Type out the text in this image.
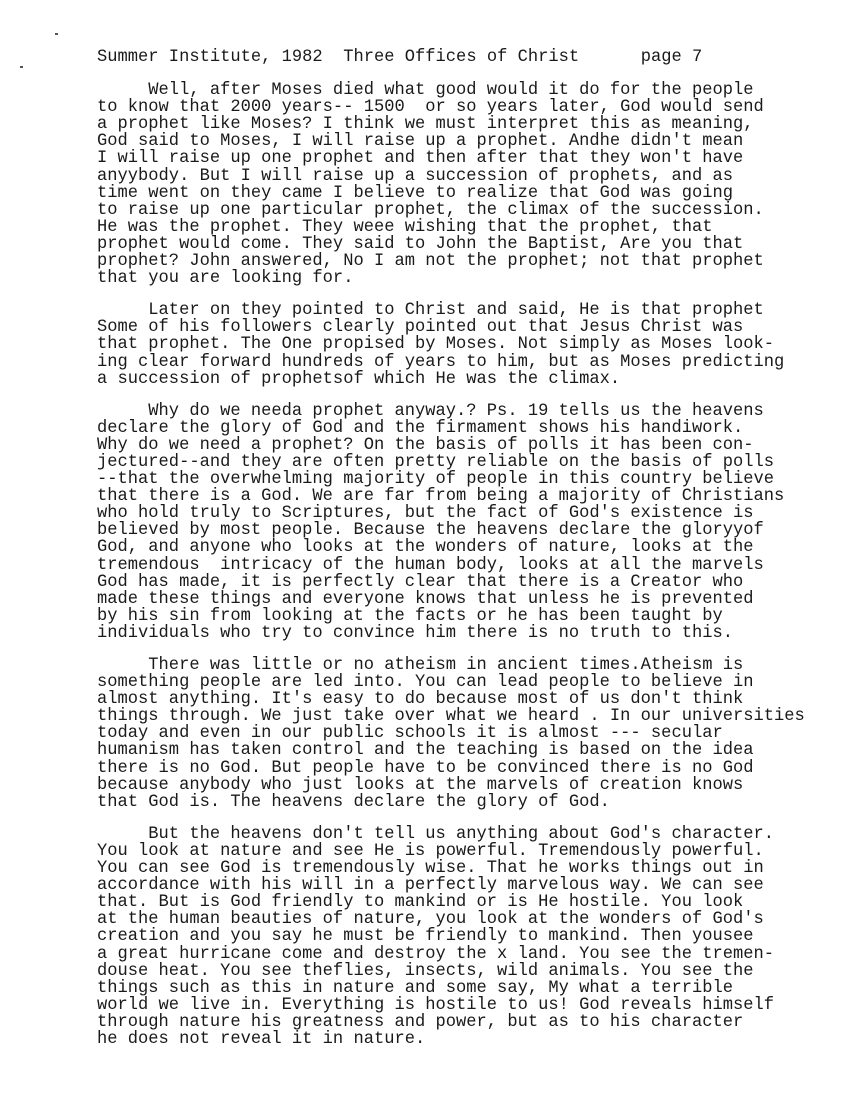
Summer Institute, 1982 Three Offices of Christ	page 7
Well, after Moses died what good would it do for the people
to know that 2000 years-- 1500  or so years later, God would send
a prophet like Moses? I think we must interpret this as meaning,
God said to Moses, I will raise up a prophet. Andhe didn't mean
I will raise up one prophet and then after that they won't have
anyybody. But I will raise up a succession of prophets, and as
time went on they came I believe to realize that God was going
to raise up one particular prophet, the climax of the succession.
He was the prophet. They weee wishing that the prophet, that
prophet would come. They said to John the Baptist, Are you that
prophet? John answered, No I am not the prophet; not that prophet
that you are looking for.
Later on they pointed to Christ and said, He is that prophet
Some of his followers clearly pointed out that Jesus Christ was
that prophet. The One propised by Moses. Not simply as Moses look-
ing clear forward hundreds of years to him, but as Moses predicting
a succession of prophetsof which He was the climax.
Why do we needa prophet anyway.? Ps. 19 tells us the heavens
declare the glory of God and the firmament shows his handiwork.
Why do we need a prophet? On the basis of polls it has been con-
jectured--and they are often pretty reliable on the basis of polls
--that the overwhelming majority of people in this country believe
that there is a God. We are far from being a majority of Christians
who hold truly to Scriptures, but the fact of God's existence is
believed by most people. Because the heavens declare the gloryyof
God, and anyone who looks at the wonders of nature, looks at the
tremendous  intricacy of the human body, looks at all the marvels
God has made, it is perfectly clear that there is a Creator who
made these things and everyone knows that unless he is prevented
by his sin from looking at the facts or he has been taught by
individuals who try to convince him there is no truth to this.
There was little or no atheism in ancient times.Atheism is
something people are led into. You can lead people to believe in
almost anything. It's easy to do because most of us don't think
things through. We just take over what we heard . In our universities
today and even in our public schools it is almost --- secular
humanism has taken control and the teaching is based on the idea
there is no God. But people have to be convinced there is no God
because anybody who just looks at the marvels of creation knows
that God is. The heavens declare the glory of God.
But the heavens don't tell us anything about God's character.
You look at nature and see He is powerful. Tremendously powerful.
You can see God is tremendously wise. That he works things out in
accordance with his will in a perfectly marvelous way. We can see
that. But is God friendly to mankind or is He hostile. You look
at the human beauties of nature, you look at the wonders of God's
creation and you say he must be friendly to mankind. Then yousee
a great hurricane come and destroy the x land. You see the tremen-
douse heat. You see theflies, insects, wild animals. You see the
things such as this in nature and some say, My what a terrible
world we live in. Everything is hostile to us! God reveals himself
through nature his greatness and power, but as to his character
he does not reveal it in nature.
